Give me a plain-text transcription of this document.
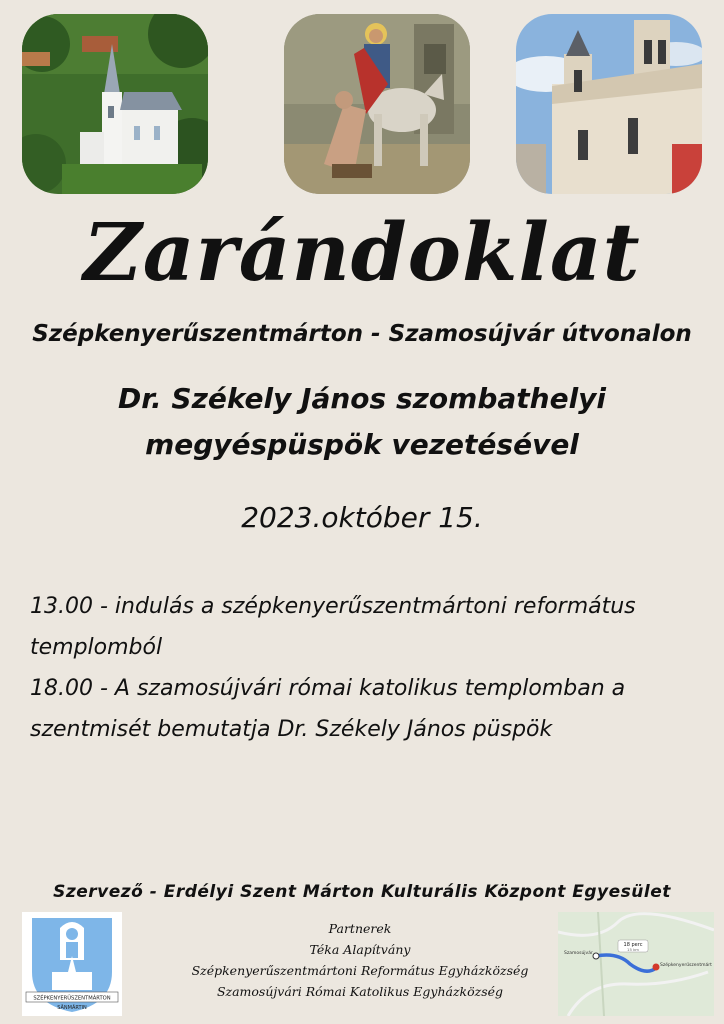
Zarándoklat
Szépkenyerűszentmárton - Szamosújvár útvonalon
Dr. Székely János szombathelyi
megyéspüspök vezetésével
2023.október 15.
13.00 - indulás a szépkenyerűszentmártoni református
templomból
18.00 - A szamosújvári római katolikus templomban a
szentmisét bemutatja Dr. Székely János püspök
Szervező - Erdélyi Szent Márton Kulturális Központ Egyesület
SZÉPKENYERŰSZENTMÁRTON
SÂNMĂRTIN
Partnerek
Téka Alapítvány
Szépkenyerűszentmártoni Református Egyházközség
Szamosújvári Római Katolikus Egyházközség
18 perc
15 km
Szamosújvár
Szépkenyerűszentmárt
